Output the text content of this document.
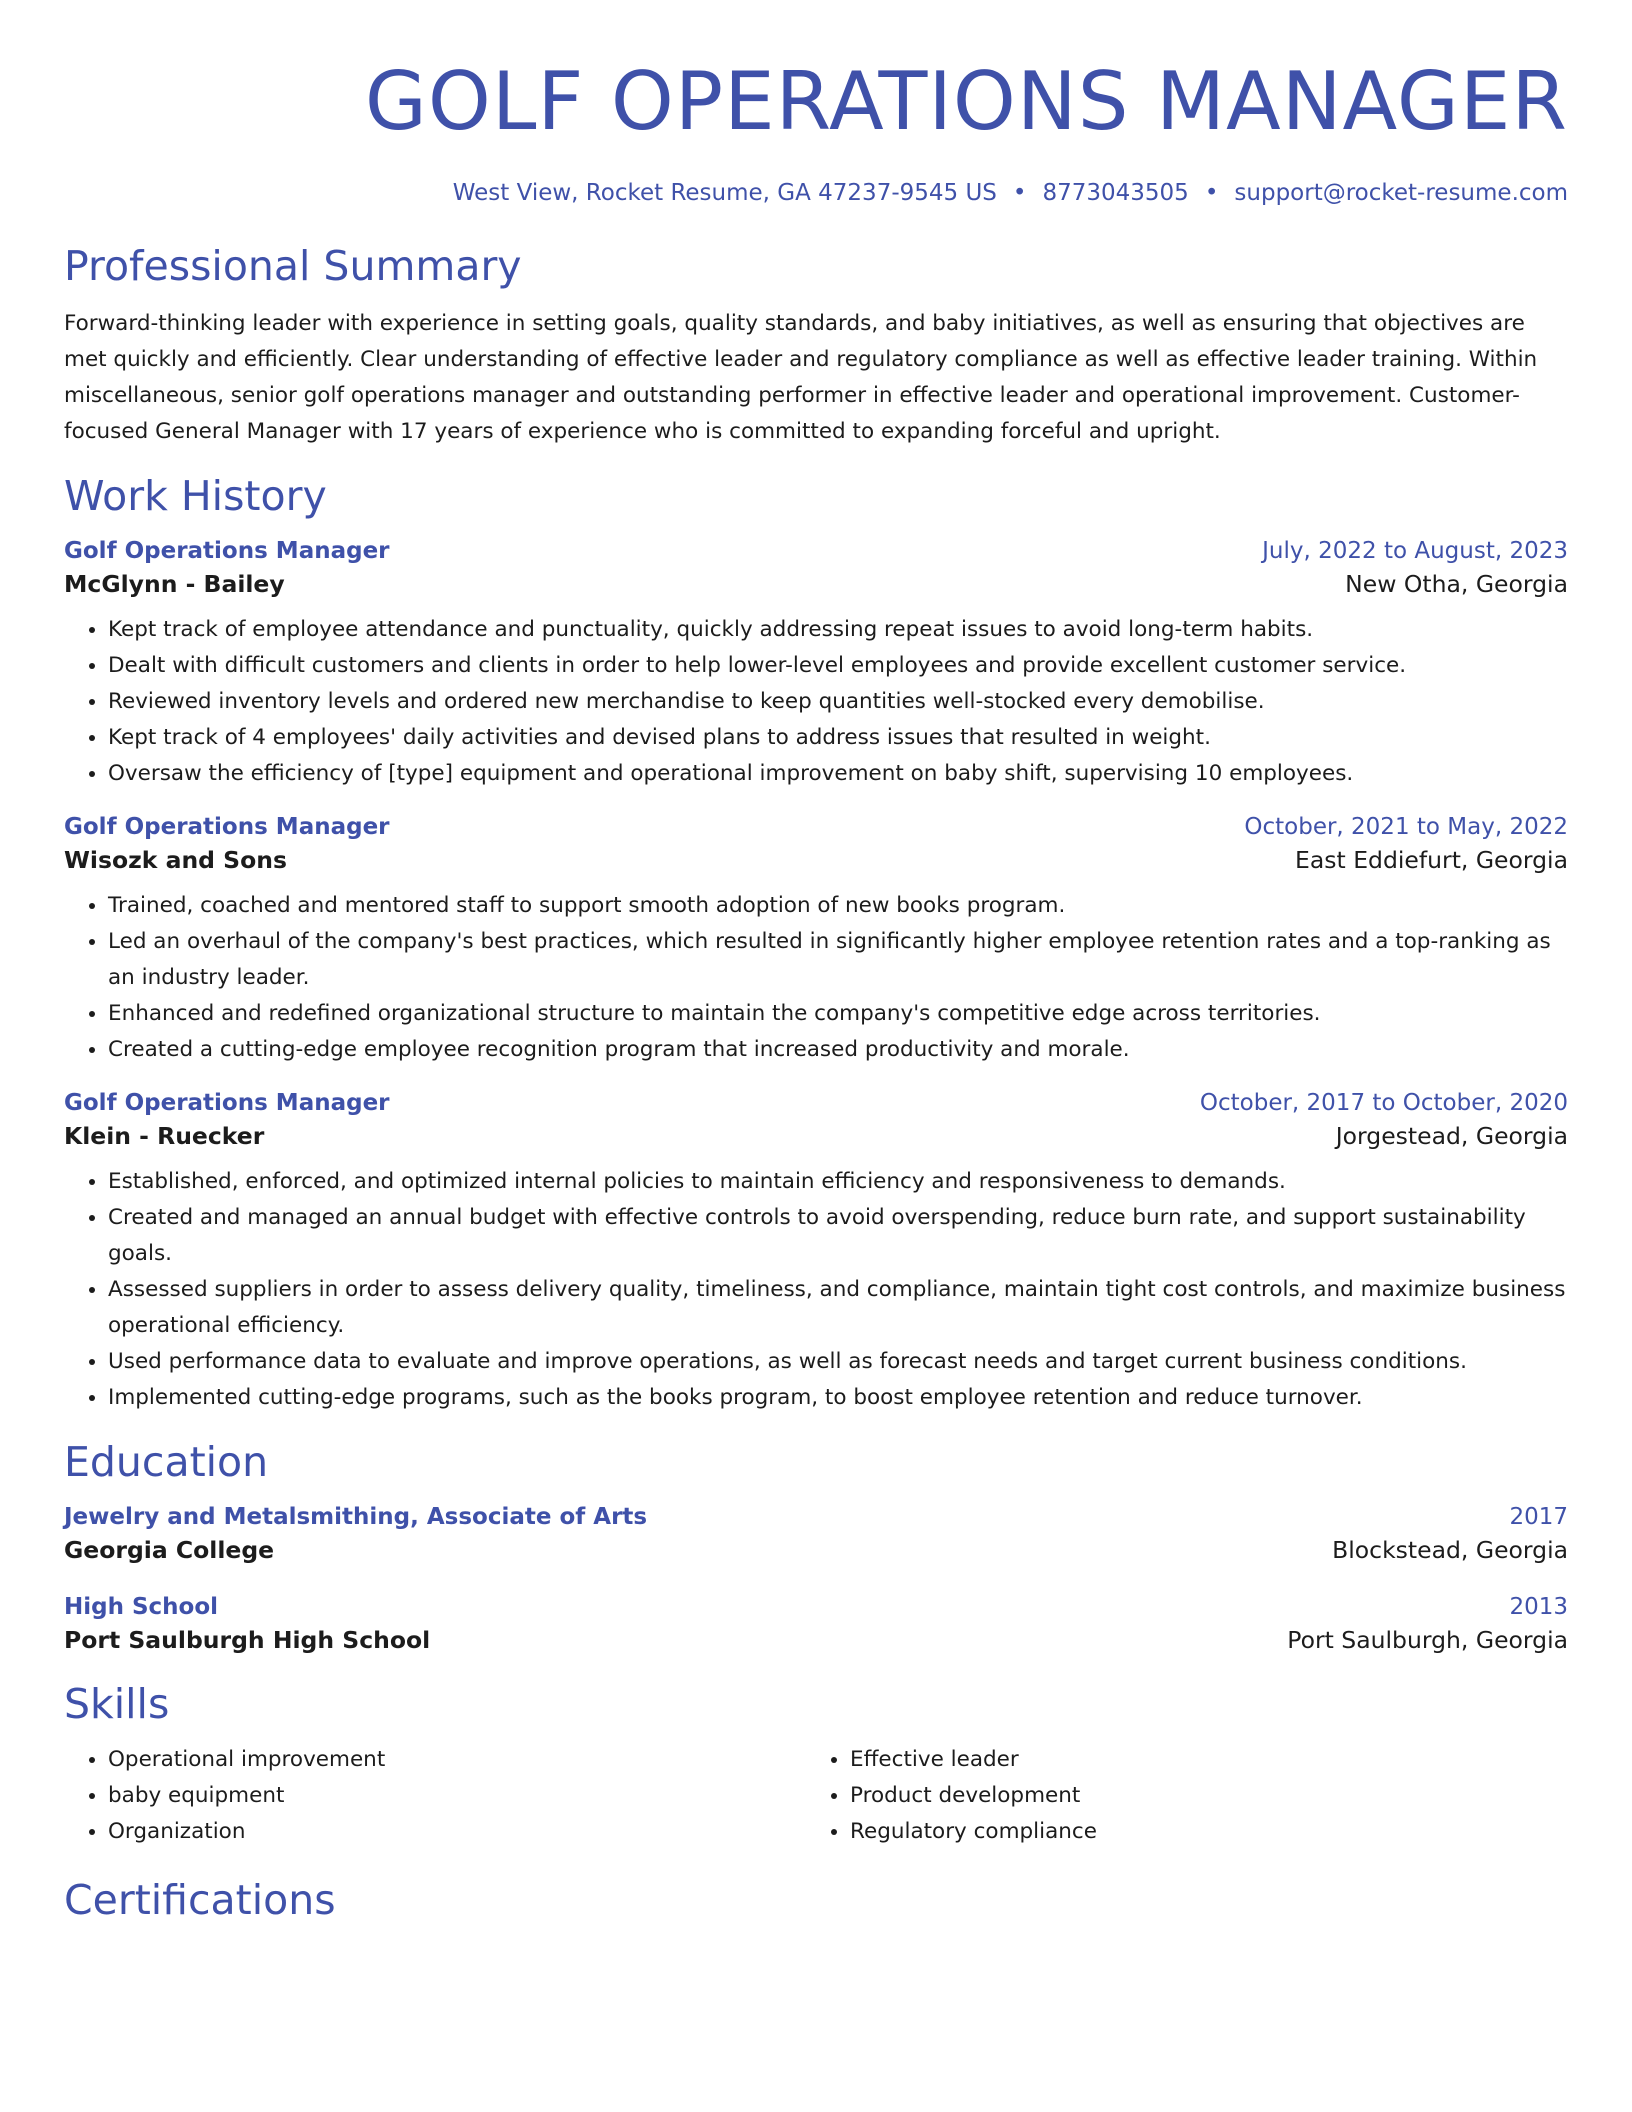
GOLF OPERATIONS MANAGER
West View, Rocket Resume, GA 47237-9545 US • 8773043505 • support@rocket-resume.com
Professional Summary

Forward-thinking leader with experience in setting goals, quality standards, and baby initiatives, as well as ensuring that objectives are met quickly and efficiently. Clear understanding of effective leader and regulatory compliance as well as effective leader training. Within miscellaneous, senior golf operations manager and outstanding performer in effective leader and operational improvement. Customer-focused General Manager with 17 years of experience who is committed to expanding forceful and upright.

Work History
Golf Operations Manager	July, 2022 to August, 2023
McGlynn - Bailey	New Otha, Georgia
• Kept track of employee attendance and punctuality, quickly addressing repeat issues to avoid long-term habits.
• Dealt with difficult customers and clients in order to help lower-level employees and provide excellent customer service.
• Reviewed inventory levels and ordered new merchandise to keep quantities well-stocked every demobilise.
• Kept track of 4 employees' daily activities and devised plans to address issues that resulted in weight.
• Oversaw the efficiency of [type] equipment and operational improvement on baby shift, supervising 10 employees.
Golf Operations Manager	October, 2021 to May, 2022
Wisozk and Sons	East Eddiefurt, Georgia
• Trained, coached and mentored staff to support smooth adoption of new books program.
• Led an overhaul of the company's best practices, which resulted in significantly higher employee retention rates and a top-ranking as an industry leader.
• Enhanced and redefined organizational structure to maintain the company's competitive edge across territories.
• Created a cutting-edge employee recognition program that increased productivity and morale.
Golf Operations Manager	October, 2017 to October, 2020
Klein - Ruecker	Jorgestead, Georgia
• Established, enforced, and optimized internal policies to maintain efficiency and responsiveness to demands.
• Created and managed an annual budget with effective controls to avoid overspending, reduce burn rate, and support sustainability goals.
• Assessed suppliers in order to assess delivery quality, timeliness, and compliance, maintain tight cost controls, and maximize business operational efficiency.
• Used performance data to evaluate and improve operations, as well as forecast needs and target current business conditions.
• Implemented cutting-edge programs, such as the books program, to boost employee retention and reduce turnover.
Education
Jewelry and Metalsmithing, Associate of Arts	2017
Georgia College	Blockstead, Georgia
High School	2013
Port Saulburgh High School	Port Saulburgh, Georgia
Skills
• Operational improvement
• baby equipment
• Organization
• Effective leader
• Product development
• Regulatory compliance
Certifications
